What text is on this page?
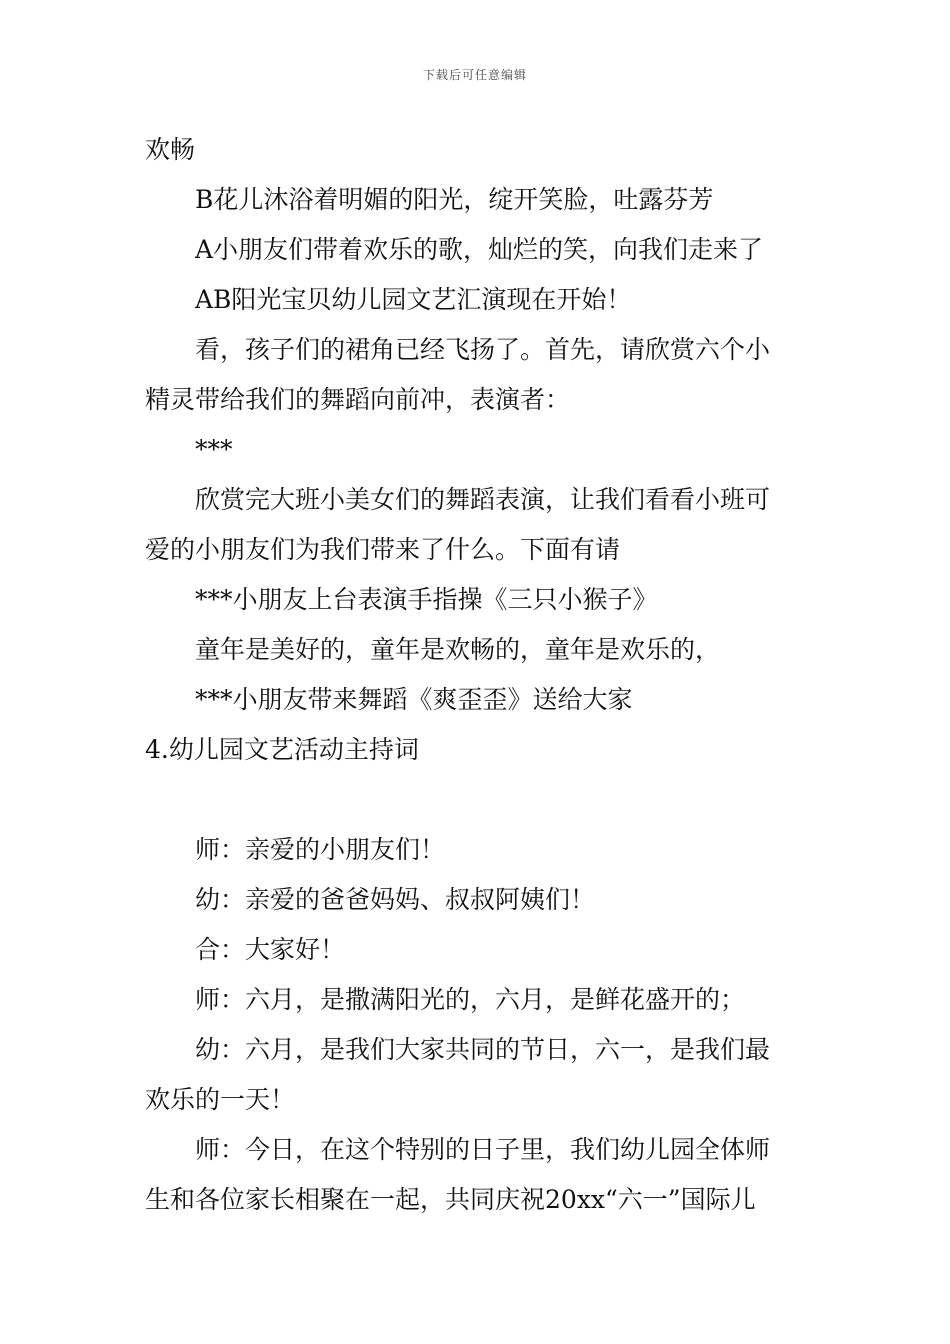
下载后可任意编辑
欢畅
B花儿沐浴着明媚的阳光，绽开笑脸，吐露芬芳
A小朋友们带着欢乐的歌，灿烂的笑，向我们走来了
AB阳光宝贝幼儿园文艺汇演现在开始！
看，孩子们的裙角已经飞扬了。首先，请欣赏六个小
精灵带给我们的舞蹈向前冲，表演者：
***
欣赏完大班小美女们的舞蹈表演，让我们看看小班可
爱的小朋友们为我们带来了什么。下面有请
***小朋友上台表演手指操《三只小猴子》
童年是美好的，童年是欢畅的，童年是欢乐的，
***小朋友带来舞蹈《爽歪歪》送给大家
4.幼儿园文艺活动主持词
师：亲爱的小朋友们！
幼：亲爱的爸爸妈妈、叔叔阿姨们！
合：大家好！
师：六月，是撒满阳光的，六月，是鲜花盛开的；
幼：六月，是我们大家共同的节日，六一，是我们最
欢乐的一天！
师：今日，在这个特别的日子里，我们幼儿园全体师
生和各位家长相聚在一起，共同庆祝20xx“六一”国际儿
